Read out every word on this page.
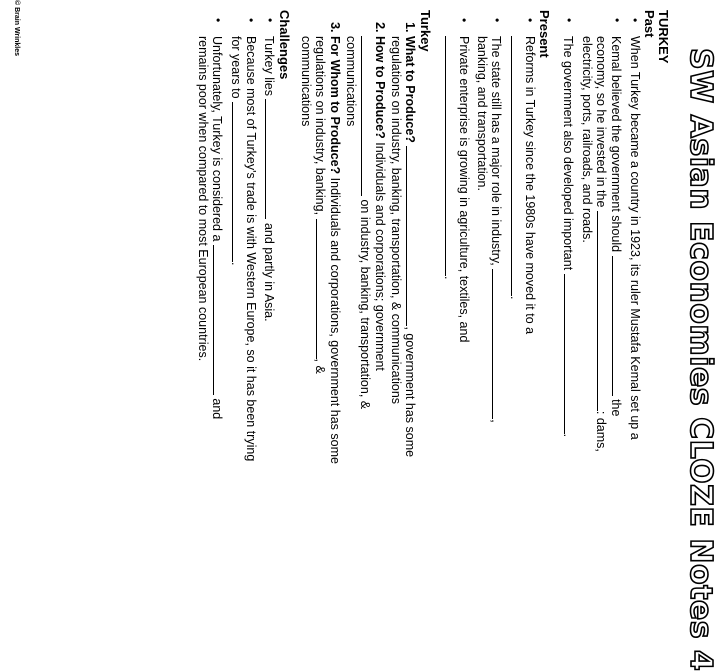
SW Asian Economies CLOZE Notes 4
TURKEY
Past
• When Turkey became a country in 1923, its ruler Mustafa Kemal set up a
• Kemal believed the government should  the
economy, so he invested in the : dams,
electricity, ports, railroads, and roads.
• The government also developed important .
Present
• Reforms in Turkey since the 1980s have moved it to a
.
• The state still has a major role in industry, ,
banking, and transportation.
• Private enterprise is growing in agriculture, textiles, and
.
Turkey
1. What to Produce? , government has some
regulations on industry, banking, transportation, & communications
2. How to Produce? Individuals and corporations; government
on industry, banking, transportation, &
communications
3. For Whom to Produce? Individuals and corporations, government has some
regulations on industry, banking, , &
communications
Challenges
• Turkey lies  and partly in Asia.
• Because most of Turkey's trade is with Western Europe, so it has been trying
for years to .
• Unfortunately, Turkey is considered a  and
remains poor when compared to most European countries.
© Brain Wrinkles
